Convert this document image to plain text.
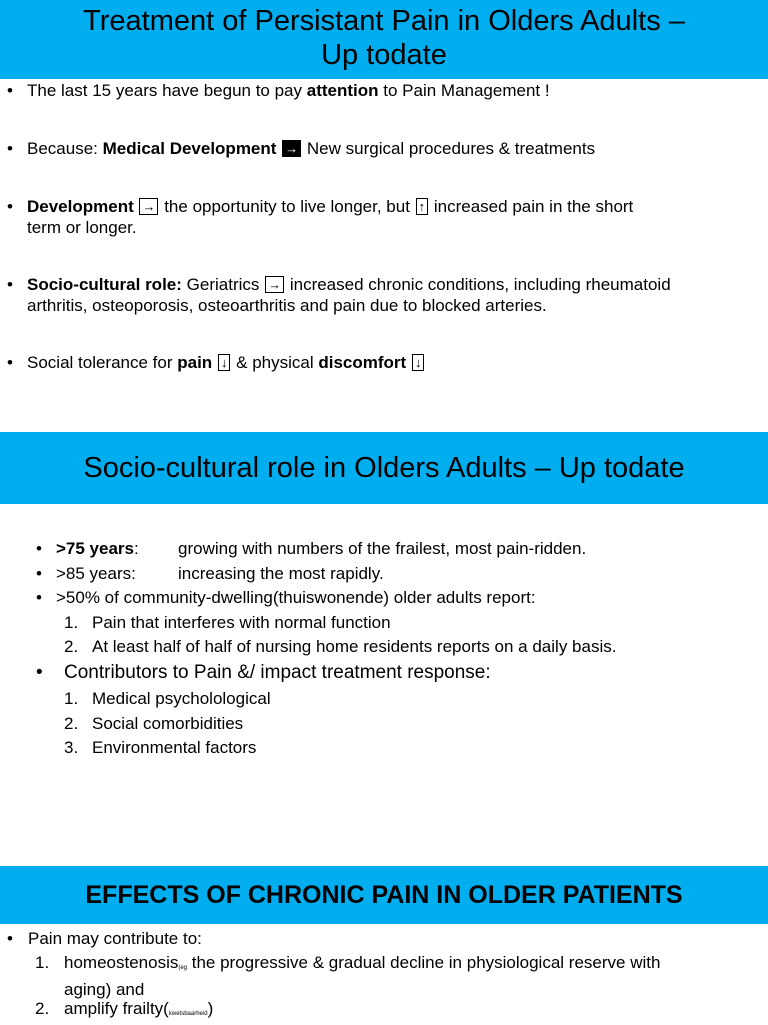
Treatment of Persistant Pain in Olders Adults –
Up todate
• The last 15 years have begun to pay attention to Pain Management !
• Because: Medical Development → New surgical procedures & treatments
• Development → the opportunity to live longer, but ↑ increased pain in the short
term or longer.
• Socio-cultural role: Geriatrics → increased chronic conditions, including rheumatoid
arthritis, osteoporosis, osteoarthritis and pain due to blocked arteries.
• Social tolerance for pain ↓ & physical discomfort ↓
Socio-cultural role in Olders Adults – Up todate
• >75 years: growing with numbers of the frailest, most pain-ridden.
• >85 years: increasing the most rapidly.
• >50% of community-dwelling(thuiswonende) older adults report:
1. Pain that interferes with normal function
2. At least half of half of nursing home residents reports on a daily basis.
• Contributors to Pain &/ impact treatment response:
1. Medical psycholological
2. Social comorbidities
3. Environmental factors
EFFECTS OF CHRONIC PAIN IN OLDER PATIENTS
• Pain may contribute to:
1. homeostenosis(eg the progressive & gradual decline in physiological reserve with
aging) and
2. amplify frailty(kwetsbaarheid)
